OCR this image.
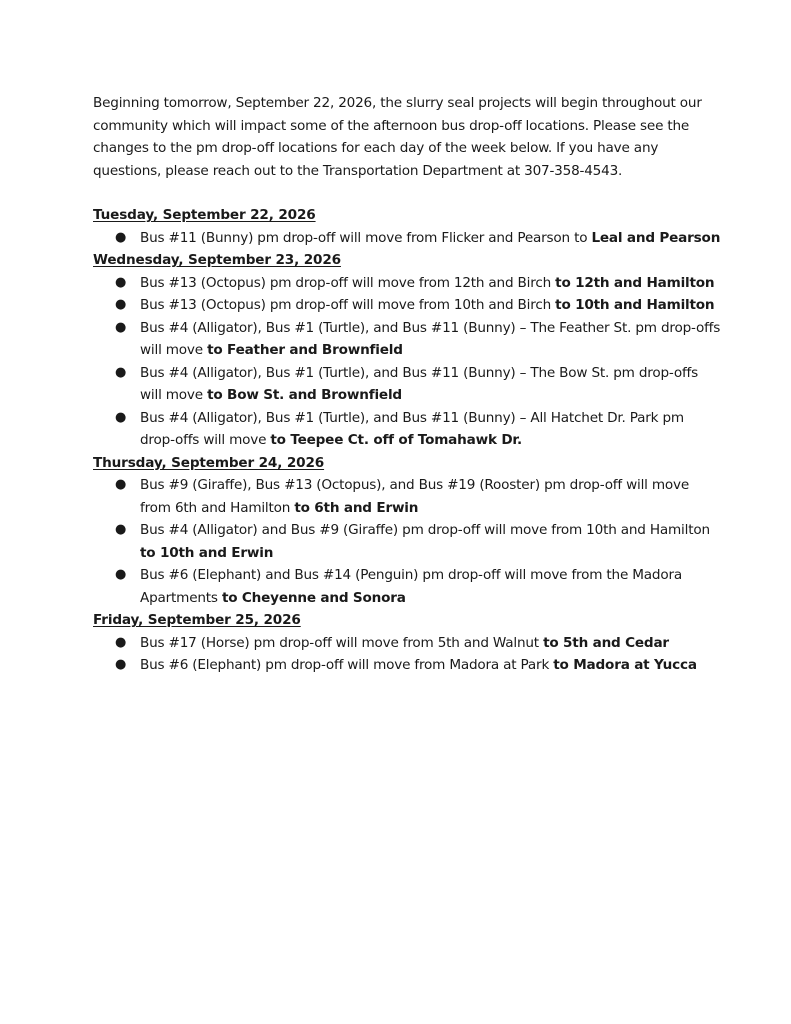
Beginning tomorrow, September 22, 2026, the slurry seal projects will begin throughout our community which will impact some of the afternoon bus drop-off locations. Please see the changes to the pm drop-off locations for each day of the week below. If you have any questions, please reach out to the Transportation Department at 307-358-4543.

Tuesday, September 22, 2026
● Bus #11 (Bunny) pm drop-off will move from Flicker and Pearson to Leal and Pearson
Wednesday, September 23, 2026
● Bus #13 (Octopus) pm drop-off will move from 12th and Birch to 12th and Hamilton
● Bus #13 (Octopus) pm drop-off will move from 10th and Birch to 10th and Hamilton
● Bus #4 (Alligator), Bus #1 (Turtle), and Bus #11 (Bunny) – The Feather St. pm drop-offs will move to Feather and Brownfield
● Bus #4 (Alligator), Bus #1 (Turtle), and Bus #11 (Bunny) – The Bow St. pm drop-offs will move to Bow St. and Brownfield
● Bus #4 (Alligator), Bus #1 (Turtle), and Bus #11 (Bunny) – All Hatchet Dr. Park pm drop-offs will move to Teepee Ct. off of Tomahawk Dr.
Thursday, September 24, 2026
● Bus #9 (Giraffe), Bus #13 (Octopus), and Bus #19 (Rooster) pm drop-off will move from 6th and Hamilton to 6th and Erwin
● Bus #4 (Alligator) and Bus #9 (Giraffe) pm drop-off will move from 10th and Hamilton to 10th and Erwin
● Bus #6 (Elephant) and Bus #14 (Penguin) pm drop-off will move from the Madora Apartments to Cheyenne and Sonora
Friday, September 25, 2026
● Bus #17 (Horse) pm drop-off will move from 5th and Walnut to 5th and Cedar
● Bus #6 (Elephant) pm drop-off will move from Madora at Park to Madora at Yucca
